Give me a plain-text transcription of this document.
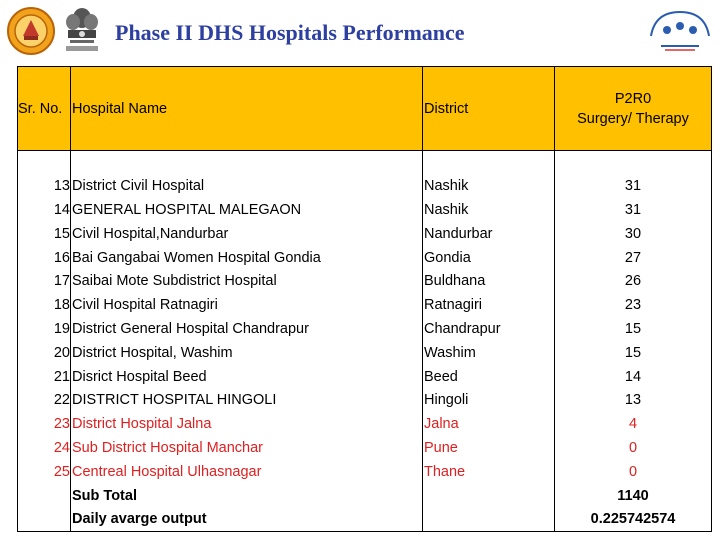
Phase II DHS Hospitals Performance
Sr. No.	Hospital Name	District	P2R0
Surgery/ Therapy

13	District Civil Hospital	Nashik	31
14	GENERAL HOSPITAL MALEGAON	Nashik	31
15	Civil Hospital,Nandurbar	Nandurbar	30
16	Bai Gangabai Women Hospital Gondia	Gondia	27
17	Saibai Mote Subdistrict Hospital	Buldhana	26
18	Civil Hospital Ratnagiri	Ratnagiri	23
19	District General Hospital Chandrapur	Chandrapur	15
20	District Hospital, Washim	Washim	15
21	Disrict Hospital Beed	Beed	14
22	DISTRICT HOSPITAL HINGOLI	Hingoli	13
23	District Hospital Jalna	Jalna	4
24	Sub District Hospital Manchar	Pune	0
25	Centreal Hospital Ulhasnagar	Thane	0
	Sub Total		1140
	Daily avarge output		0.225742574
